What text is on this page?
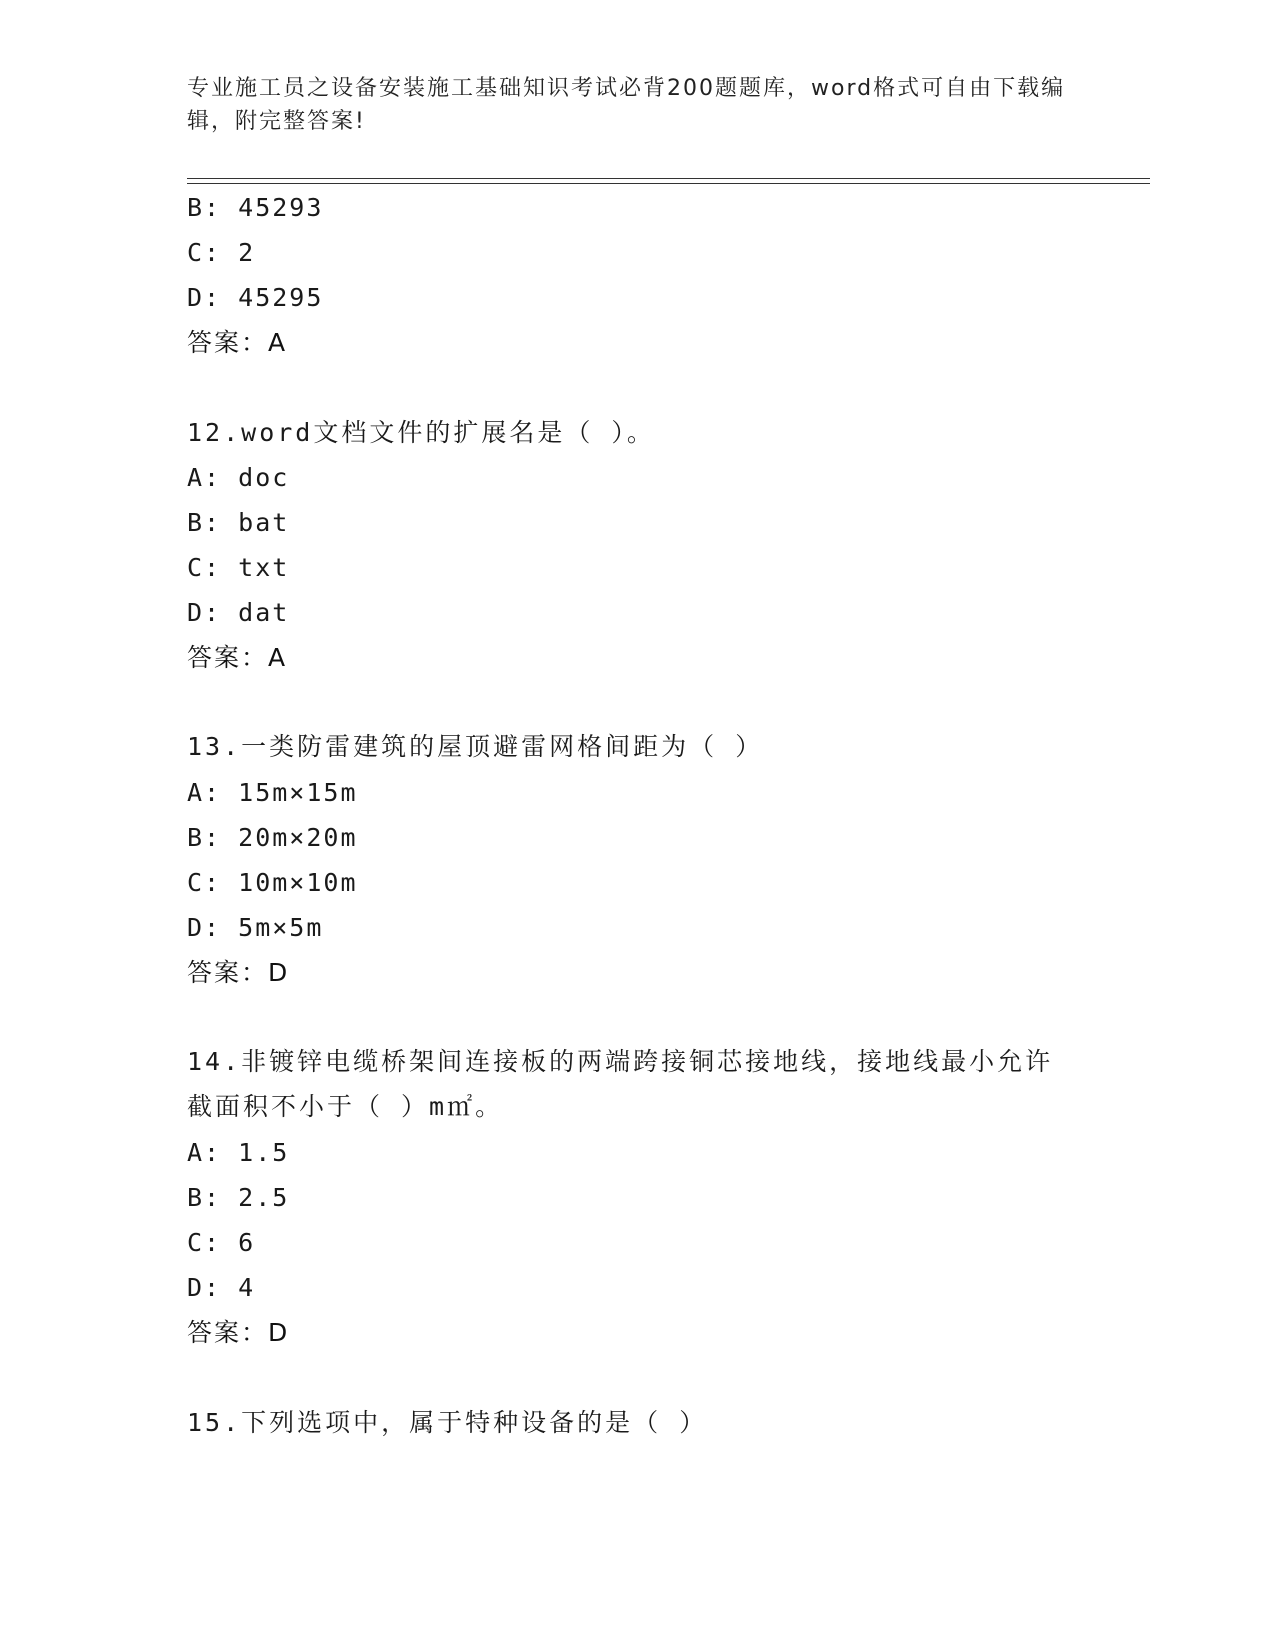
专业施工员之设备安装施工基础知识考试必背200题题库，word格式可自由下载编辑，附完整答案!
B: 45293
C: 2
D: 45295
答案：A
12.word文档文件的扩展名是（ ）。
A: doc
B: bat
C: txt
D: dat
答案：A
13.一类防雷建筑的屋顶避雷网格间距为（ ）
A: 15m×15m
B: 20m×20m
C: 10m×10m
D: 5m×5m
答案：D
14.非镀锌电缆桥架间连接板的两端跨接铜芯接地线，接地线最小允许截面积不小于（ ）m㎡。
A: 1.5
B: 2.5
C: 6
D: 4
答案：D
15.下列选项中，属于特种设备的是（ ）
